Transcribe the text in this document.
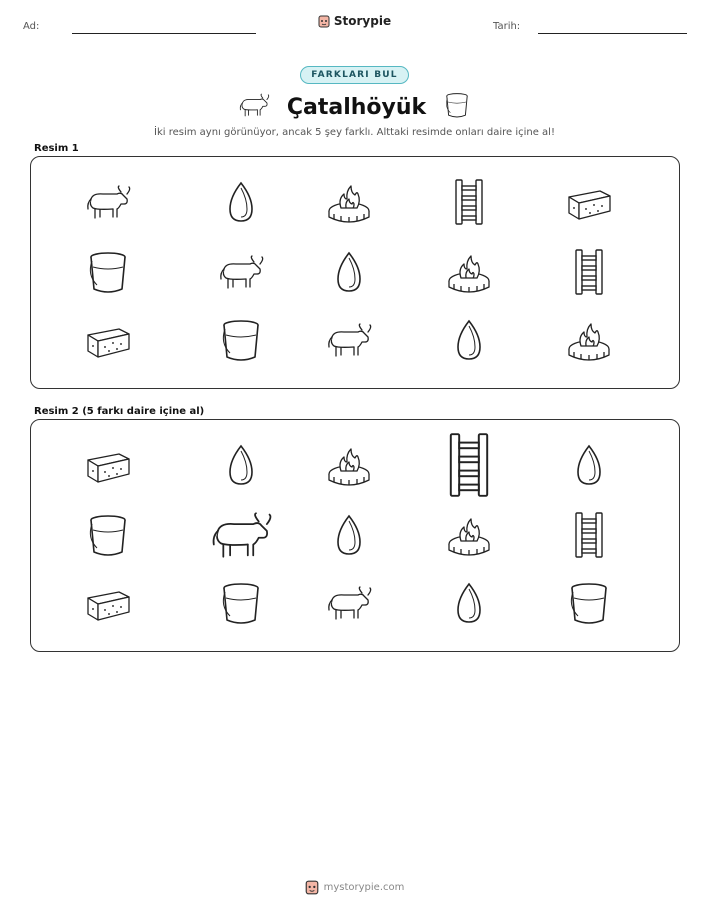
Ad:	Storypie	Tarih:
FARKLARI BUL
Çatalhöyük
İki resim aynı görünüyor, ancak 5 şey farklı. Alttaki resimde onları daire içine al!
Resim 1
Resim 2 (5 farkı daire içine al)
mystorypie.com
